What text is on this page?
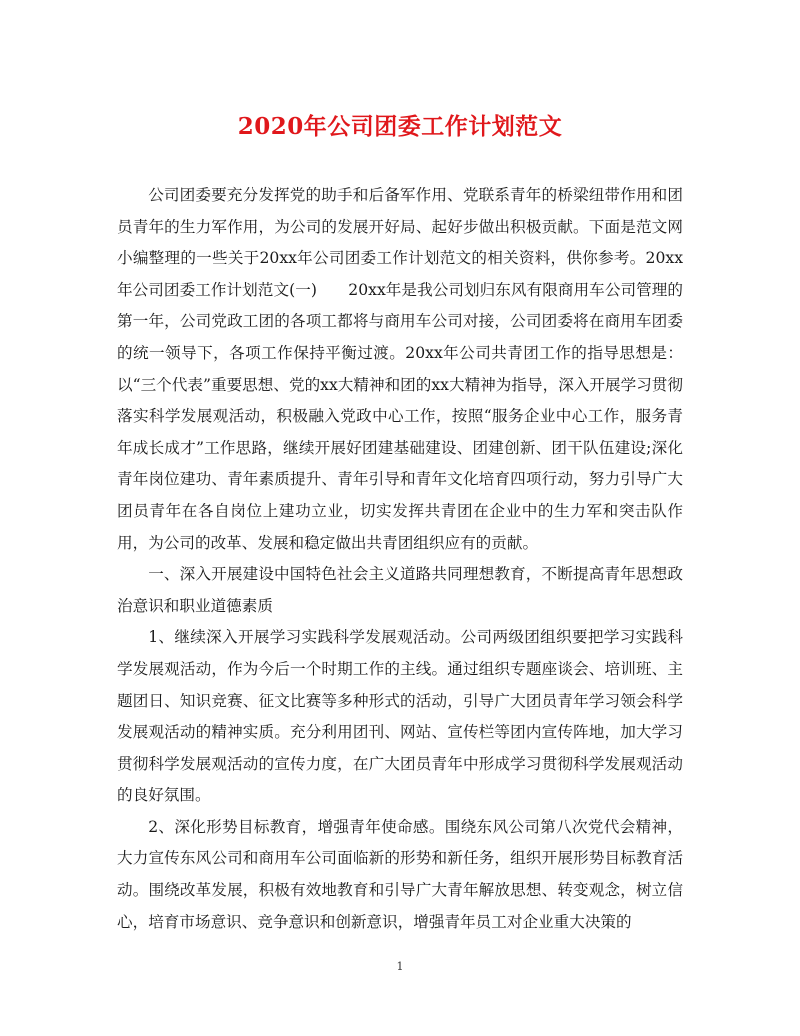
2020年公司团委工作计划范文

公司团委要充分发挥党的助手和后备军作用、党联系青年的桥梁纽带作用和团员青年的生力军作用，为公司的发展开好局、起好步做出积极贡献。下面是范文网小编整理的一些关于20xx年公司团委工作计划范文的相关资料，供你参考。20xx年公司团委工作计划范文(一)　　20xx年是我公司划归东风有限商用车公司管理的第一年，公司党政工团的各项工都将与商用车公司对接，公司团委将在商用车团委的统一领导下，各项工作保持平衡过渡。20xx年公司共青团工作的指导思想是：以“三个代表”重要思想、党的xx大精神和团的xx大精神为指导，深入开展学习贯彻落实科学发展观活动，积极融入党政中心工作，按照“服务企业中心工作，服务青年成长成才”工作思路，继续开展好团建基础建设、团建创新、团干队伍建设;深化青年岗位建功、青年素质提升、青年引导和青年文化培育四项行动，努力引导广大团员青年在各自岗位上建功立业，切实发挥共青团在企业中的生力军和突击队作用，为公司的改革、发展和稳定做出共青团组织应有的贡献。

一、深入开展建设中国特色社会主义道路共同理想教育，不断提高青年思想政治意识和职业道德素质

1、继续深入开展学习实践科学发展观活动。公司两级团组织要把学习实践科学发展观活动，作为今后一个时期工作的主线。通过组织专题座谈会、培训班、主题团日、知识竞赛、征文比赛等多种形式的活动，引导广大团员青年学习领会科学发展观活动的精神实质。充分利用团刊、网站、宣传栏等团内宣传阵地，加大学习贯彻科学发展观活动的宣传力度，在广大团员青年中形成学习贯彻科学发展观活动的良好氛围。

2、深化形势目标教育，增强青年使命感。围绕东风公司第八次党代会精神，大力宣传东风公司和商用车公司面临新的形势和新任务，组织开展形势目标教育活动。围绕改革发展，积极有效地教育和引导广大青年解放思想、转变观念，树立信心，培育市场意识、竞争意识和创新意识，增强青年员工对企业重大决策的

1
